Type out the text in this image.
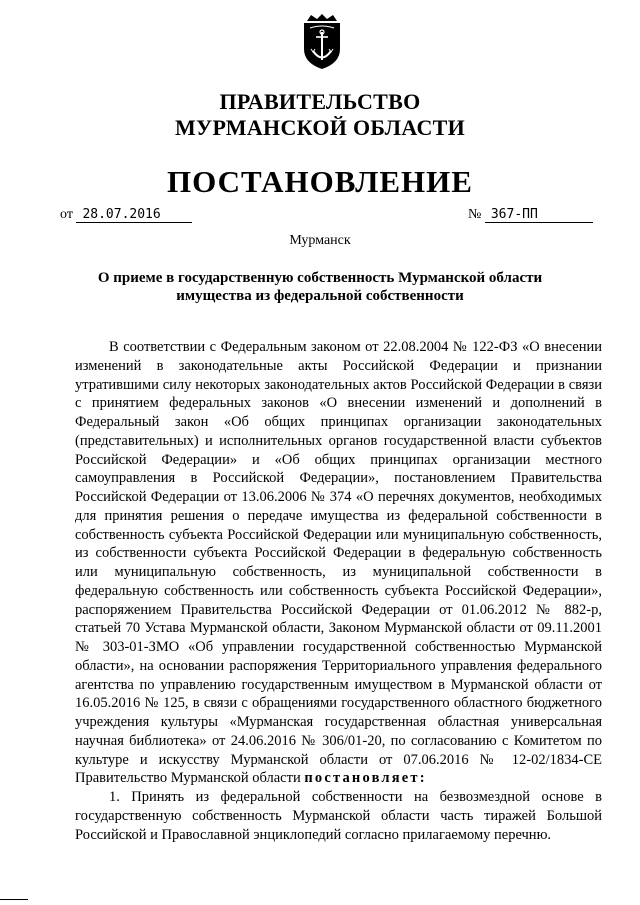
ПРАВИТЕЛЬСТВО
МУРМАНСКОЙ ОБЛАСТИ
ПОСТАНОВЛЕНИЕ
от 28.07.2016	№ 367-ПП
Мурманск
О приеме в государственную собственность Мурманской области
имущества из федеральной собственности

В соответствии с Федеральным законом от 22.08.2004 № 122-ФЗ «О внесении изменений в законодательные акты Российской Федерации и признании утратившими силу некоторых законодательных актов Российской Федерации в связи с принятием федеральных законов «О внесении изменений и дополнений в Федеральный закон «Об общих принципах организации законодательных (представительных) и исполнительных органов государственной власти субъектов Российской Федерации» и «Об общих принципах организации местного самоуправления в Российской Федерации», постановлением Правительства Российской Федерации от 13.06.2006 № 374 «О перечнях документов, необходимых для принятия решения о передаче имущества из федеральной собственности в собственность субъекта Российской Федерации или муниципальную собственность, из собственности субъекта Российской Федерации в федеральную собственность или муниципальную собственность, из муниципальной собственности в федеральную собственность или собственность субъекта Российской Федерации», распоряжением Правительства Российской Федерации от 01.06.2012 № 882-р, статьей 70 Устава Мурманской области, Законом Мурманской области от 09.11.2001 № 303-01-ЗМО «Об управлении государственной собственностью Мурманской области», на основании распоряжения Территориального управления федерального агентства по управлению государственным имуществом в Мурманской области от 16.05.2016 № 125, в связи с обращениями государственного областного бюджетного учреждения культуры «Мурманская государственная областная универсальная научная библиотека» от 24.06.2016 № 306/01-20, по согласованию с Комитетом по культуре и искусству Мурманской области от 07.06.2016 № 12-02/1834-СЕ Правительство Мурманской области постановляет:

1. Принять из федеральной собственности на безвозмездной основе в государственную собственность Мурманской области часть тиражей Большой Российской и Православной энциклопедий согласно прилагаемому перечню.
